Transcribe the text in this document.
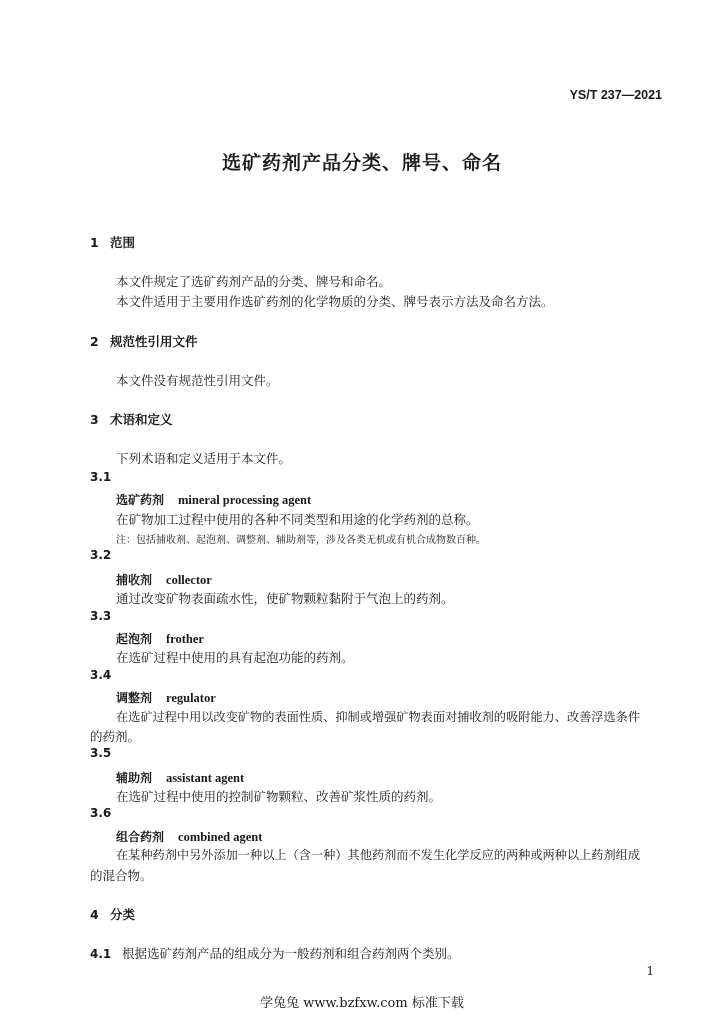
YS/T 237—2021
选矿药剂产品分类、牌号、命名
1 范围
本文件规定了选矿药剂产品的分类、牌号和命名。
本文件适用于主要用作选矿药剂的化学物质的分类、牌号表示方法及命名方法。
2 规范性引用文件
本文件没有规范性引用文件。
3 术语和定义
下列术语和定义适用于本文件。
3.1
选矿药剂 mineral processing agent
在矿物加工过程中使用的各种不同类型和用途的化学药剂的总称。
注：包括捕收剂、起泡剂、调整剂、辅助剂等，涉及各类无机或有机合成物数百种。
3.2
捕收剂 collector
通过改变矿物表面疏水性，使矿物颗粒黏附于气泡上的药剂。
3.3
起泡剂 frother
在选矿过程中使用的具有起泡功能的药剂。
3.4
调整剂 regulator
在选矿过程中用以改变矿物的表面性质、抑制或增强矿物表面对捕收剂的吸附能力、改善浮选条件
的药剂。
3.5
辅助剂 assistant agent
在选矿过程中使用的控制矿物颗粒、改善矿浆性质的药剂。
3.6
组合药剂 combined agent
在某种药剂中另外添加一种以上（含一种）其他药剂而不发生化学反应的两种或两种以上药剂组成
的混合物。
4 分类
4.1 根据选矿药剂产品的组成分为一般药剂和组合药剂两个类别。
1
学兔兔 www.bzfxw.com 标准下载
